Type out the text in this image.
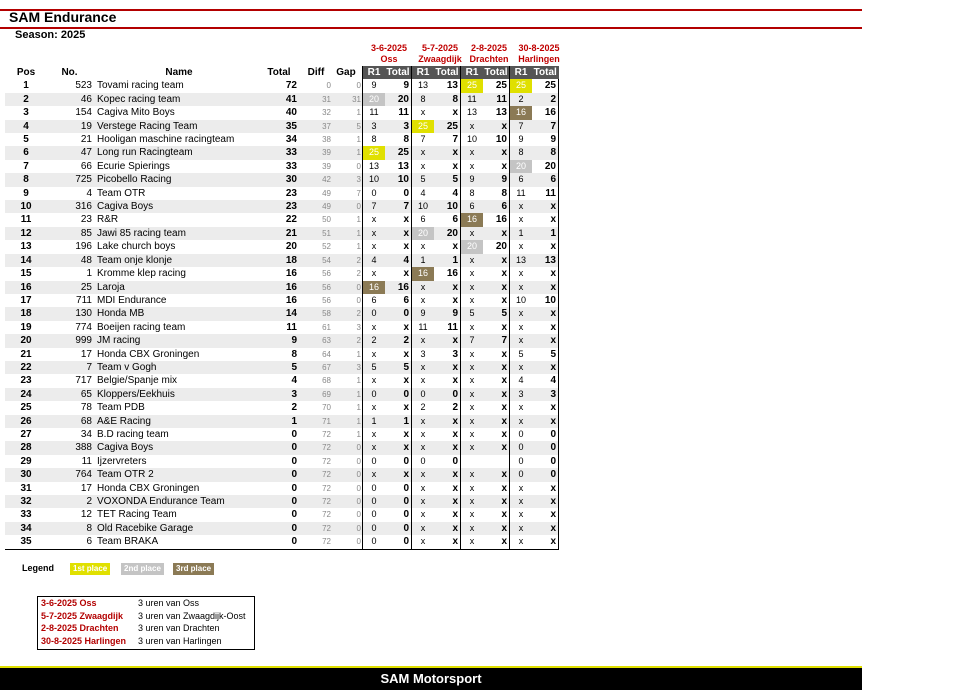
SAM Endurance
Season: 2025
3-6-2025
Oss
5-7-2025
Zwaagdijk
2-8-2025
Drachten
30-8-2025
Harlingen
Pos	No.	Name	Total	Diff	Gap	R1	Total	R1	Total	R1	Total	R1	Total
1	523	Tovami racing team	72	0	0	9	9	13	13	25	25	25	25
2	46	Kopec racing team	41	31	31	20	20	8	8	11	11	2	2
3	154	Cagiva Mito Boys	40	32	1	11	11	x	x	13	13	16	16
4	19	Verstege Racing Team	35	37	5	3	3	25	25	x	x	7	7
5	21	Hooligan maschine racingteam	34	38	1	8	8	7	7	10	10	9	9
6	47	Long run Racingteam	33	39	1	25	25	x	x	x	x	8	8
7	66	Ecurie Spierings	33	39	0	13	13	x	x	x	x	20	20
8	725	Picobello Racing	30	42	3	10	10	5	5	9	9	6	6
9	4	Team OTR	23	49	7	0	0	4	4	8	8	11	11
10	316	Cagiva Boys	23	49	0	7	7	10	10	6	6	x	x
11	23	R&R	22	50	1	x	x	6	6	16	16	x	x
12	85	Jawi 85 racing team	21	51	1	x	x	20	20	x	x	1	1
13	196	Lake church boys	20	52	1	x	x	x	x	20	20	x	x
14	48	Team onje klonje	18	54	2	4	4	1	1	x	x	13	13
15	1	Kromme klep racing	16	56	2	x	x	16	16	x	x	x	x
16	25	Laroja	16	56	0	16	16	x	x	x	x	x	x
17	711	MDI Endurance	16	56	0	6	6	x	x	x	x	10	10
18	130	Honda MB	14	58	2	0	0	9	9	5	5	x	x
19	774	Boeijen racing team	11	61	3	x	x	11	11	x	x	x	x
20	999	JM racing	9	63	2	2	2	x	x	7	7	x	x
21	17	Honda CBX Groningen	8	64	1	x	x	3	3	x	x	5	5
22	7	Team v Gogh	5	67	3	5	5	x	x	x	x	x	x
23	717	Belgie/Spanje mix	4	68	1	x	x	x	x	x	x	4	4
24	65	Kloppers/Eekhuis	3	69	1	0	0	0	0	x	x	3	3
25	78	Team PDB	2	70	1	x	x	2	2	x	x	x	x
26	68	A&E Racing	1	71	1	1	1	x	x	x	x	x	x
27	34	B.D racing team	0	72	1	x	x	x	x	x	x	0	0
28	388	Cagiva Boys	0	72	0	x	x	x	x	x	x	0	0
29	11	Ijzervreters	0	72	0	0	0	0	0			0	0
30	764	Team OTR 2	0	72	0	x	x	x	x	x	x	0	0
31	17	Honda CBX Groningen	0	72	0	0	0	x	x	x	x	x	x
32	2	VOXONDA Endurance Team	0	72	0	0	0	x	x	x	x	x	x
33	12	TET Racing Team	0	72	0	0	0	x	x	x	x	x	x
34	8	Old Racebike Garage	0	72	0	0	0	x	x	x	x	x	x
35	6	Team BRAKA	0	72	0	0	0	x	x	x	x	x	x
Legend	1st place	2nd place	3rd place
3-6-2025 Oss	3 uren van Oss
5-7-2025 Zwaagdijk 3 uren van Zwaagdijk-Oost
2-8-2025 Drachten 3 uren van Drachten
30-8-2025 Harlingen 3 uren van Harlingen
SAM Motorsport
